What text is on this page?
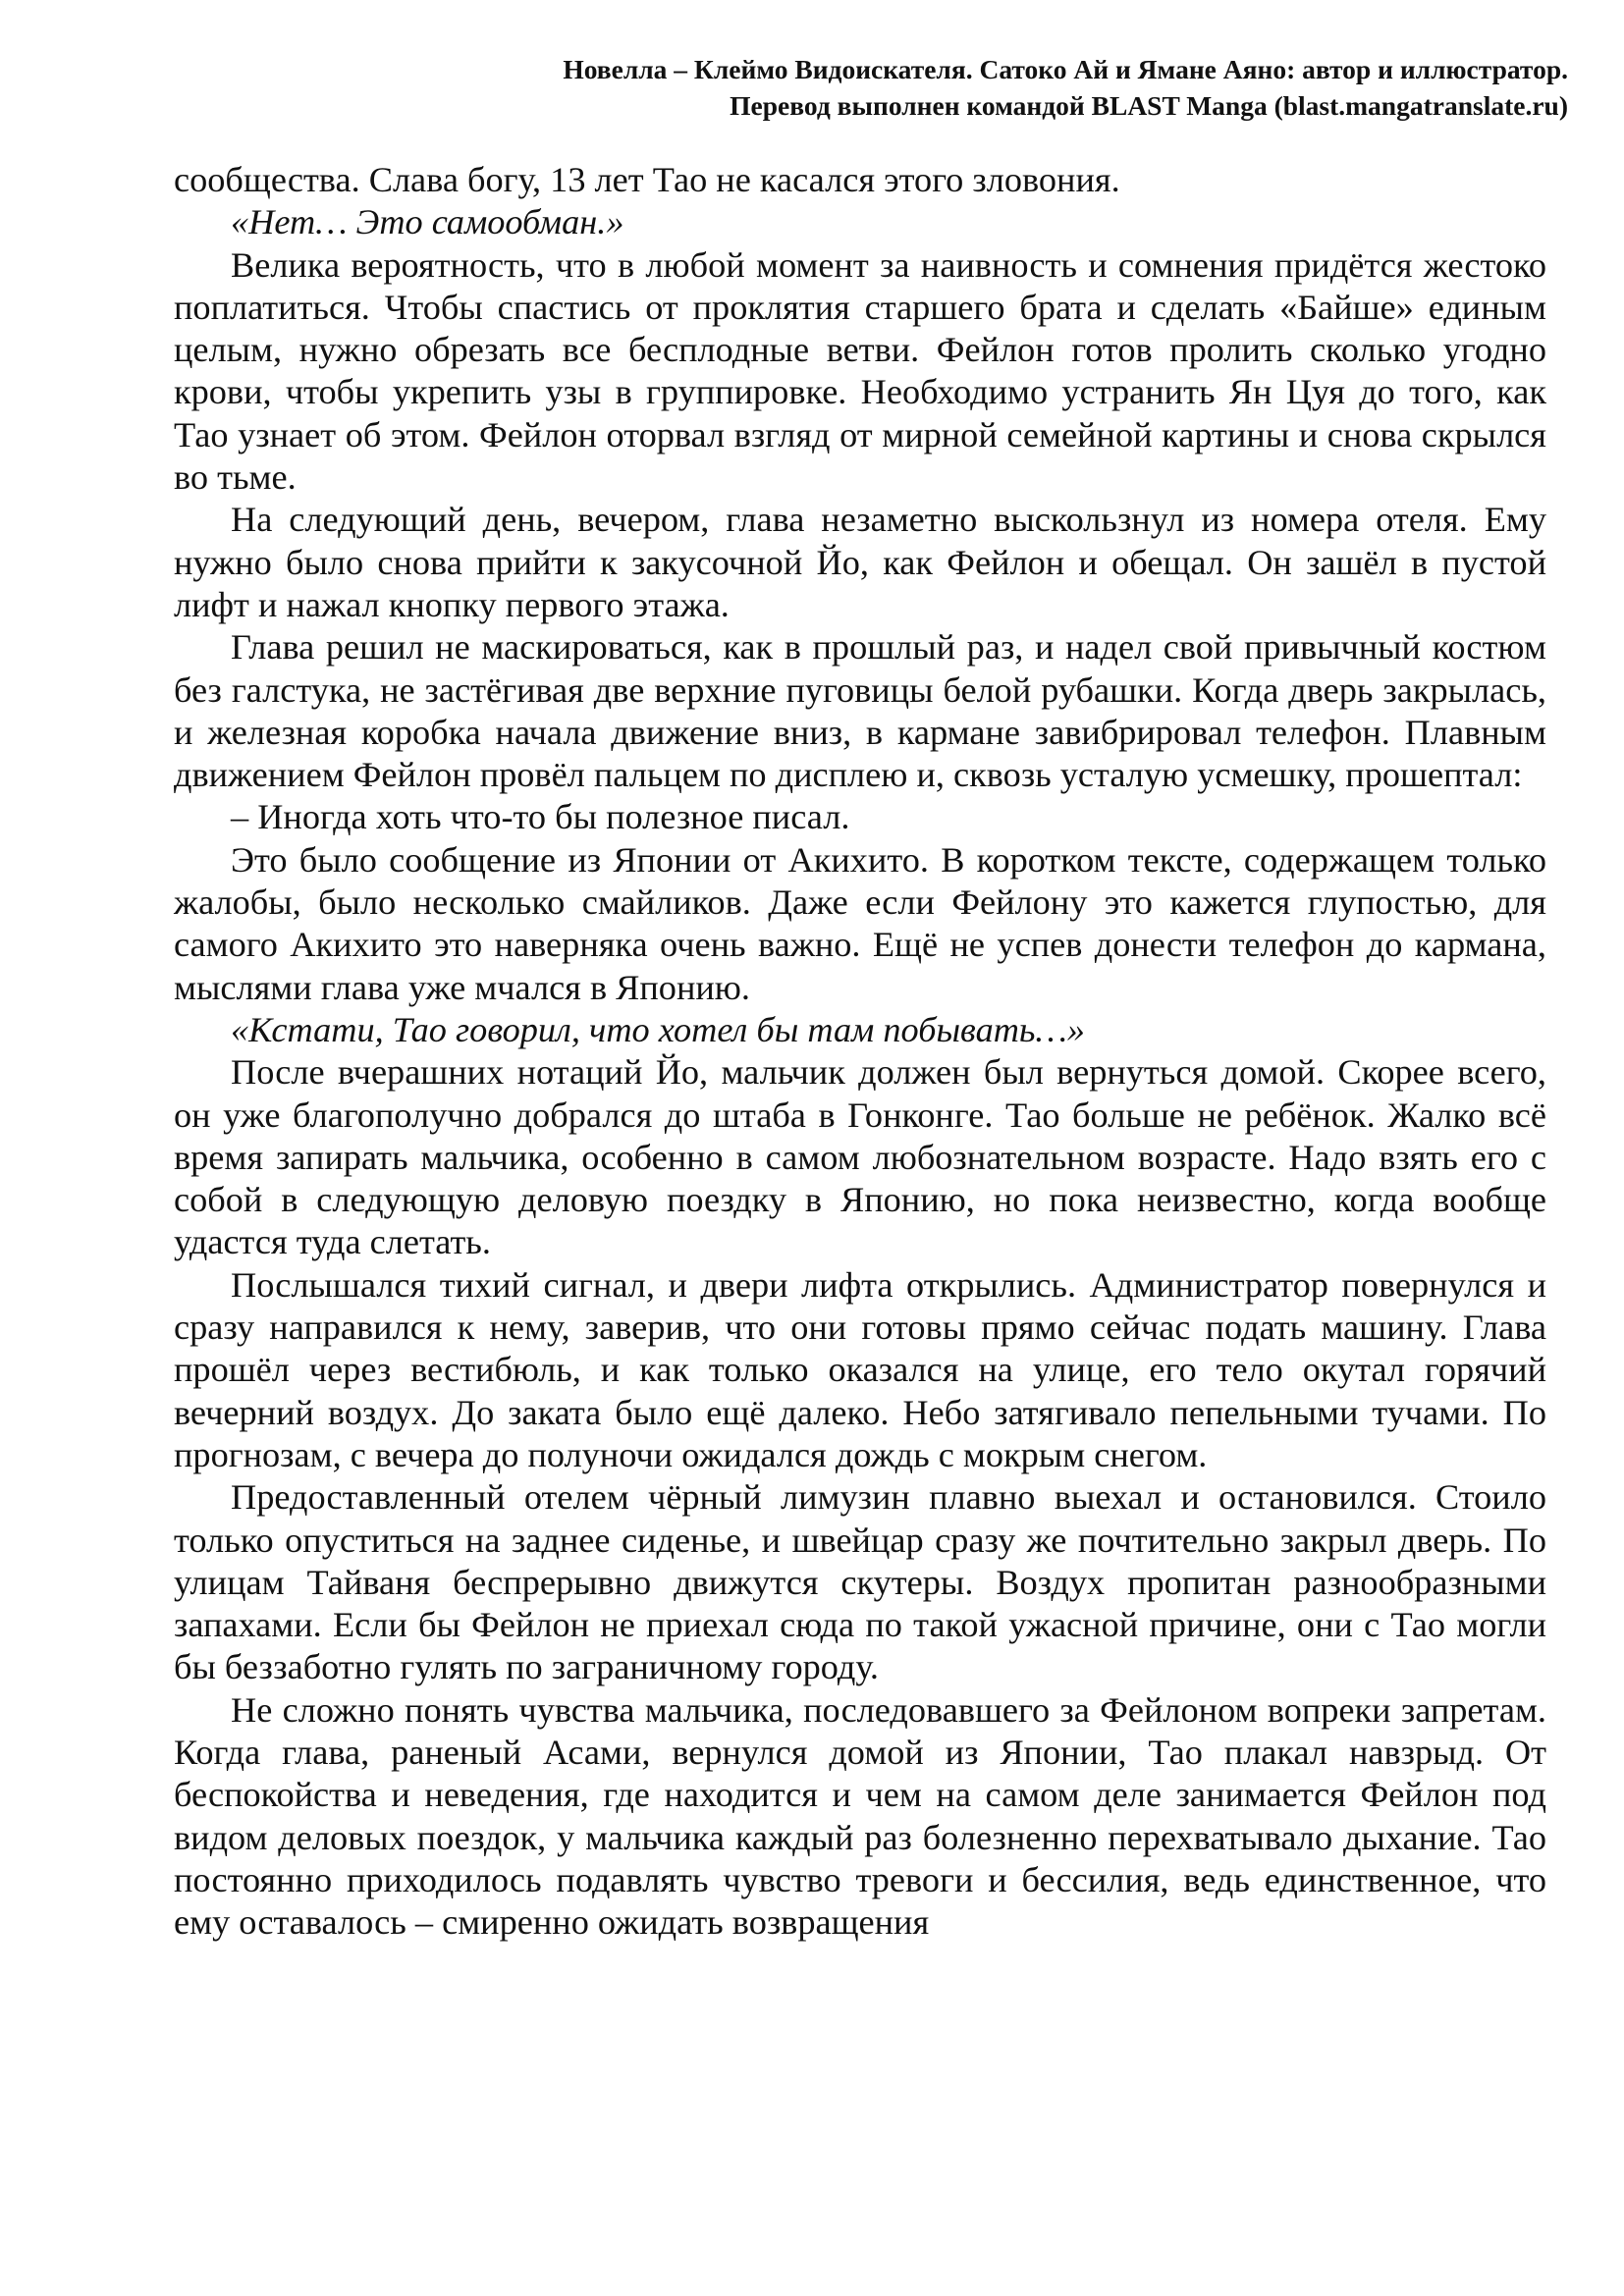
Новелла – Клеймо Видоискателя. Сатоко Ай и Ямане Аяно: автор и иллюстратор.
Перевод выполнен командой BLAST Manga (blast.mangatranslate.ru)

сообщества. Слава богу, 13 лет Тао не касался этого зловония.

«Нет… Это самообман.»

Велика вероятность, что в любой момент за наивность и сомнения придётся жестоко поплатиться. Чтобы спастись от проклятия старшего брата и сделать «Байше» единым целым, нужно обрезать все бесплодные ветви. Фейлон готов пролить сколько угодно крови, чтобы укрепить узы в группировке. Необходимо устранить Ян Цуя до того, как Тао узнает об этом. Фейлон оторвал взгляд от мирной семейной картины и снова скрылся во тьме.

На следующий день, вечером, глава незаметно выскользнул из номера отеля. Ему нужно было снова прийти к закусочной Йо, как Фейлон и обещал. Он зашёл в пустой лифт и нажал кнопку первого этажа.

Глава решил не маскироваться, как в прошлый раз, и надел свой привычный костюм без галстука, не застёгивая две верхние пуговицы белой рубашки. Когда дверь закрылась, и железная коробка начала движение вниз, в кармане завибрировал телефон. Плавным движением Фейлон провёл пальцем по дисплею и, сквозь усталую усмешку, прошептал:

– Иногда хоть что-то бы полезное писал.

Это было сообщение из Японии от Акихито. В коротком тексте, содержащем только жалобы, было несколько смайликов. Даже если Фейлону это кажется глупостью, для самого Акихито это наверняка очень важно. Ещё не успев донести телефон до кармана, мыслями глава уже мчался в Японию.

«Кстати, Тао говорил, что хотел бы там побывать…»

После вчерашних нотаций Йо, мальчик должен был вернуться домой. Скорее всего, он уже благополучно добрался до штаба в Гонконге. Тао больше не ребёнок. Жалко всё время запирать мальчика, особенно в самом любознательном возрасте. Надо взять его с собой в следующую деловую поездку в Японию, но пока неизвестно, когда вообще удастся туда слетать.

Послышался тихий сигнал, и двери лифта открылись. Администратор повернулся и сразу направился к нему, заверив, что они готовы прямо сейчас подать машину. Глава прошёл через вестибюль, и как только оказался на улице, его тело окутал горячий вечерний воздух. До заката было ещё далеко. Небо затягивало пепельными тучами. По прогнозам, с вечера до полуночи ожидался дождь с мокрым снегом.

Предоставленный отелем чёрный лимузин плавно выехал и остановился. Стоило только опуститься на заднее сиденье, и швейцар сразу же почтительно закрыл дверь. По улицам Тайваня беспрерывно движутся скутеры. Воздух пропитан разнообразными запахами. Если бы Фейлон не приехал сюда по такой ужасной причине, они с Тао могли бы беззаботно гулять по заграничному городу.

Не сложно понять чувства мальчика, последовавшего за Фейлоном вопреки запретам. Когда глава, раненый Асами, вернулся домой из Японии, Тао плакал навзрыд. От беспокойства и неведения, где находится и чем на самом деле занимается Фейлон под видом деловых поездок, у мальчика каждый раз болезненно перехватывало дыхание. Тао постоянно приходилось подавлять чувство тревоги и бессилия, ведь единственное, что ему оставалось – смиренно ожидать возвращения
